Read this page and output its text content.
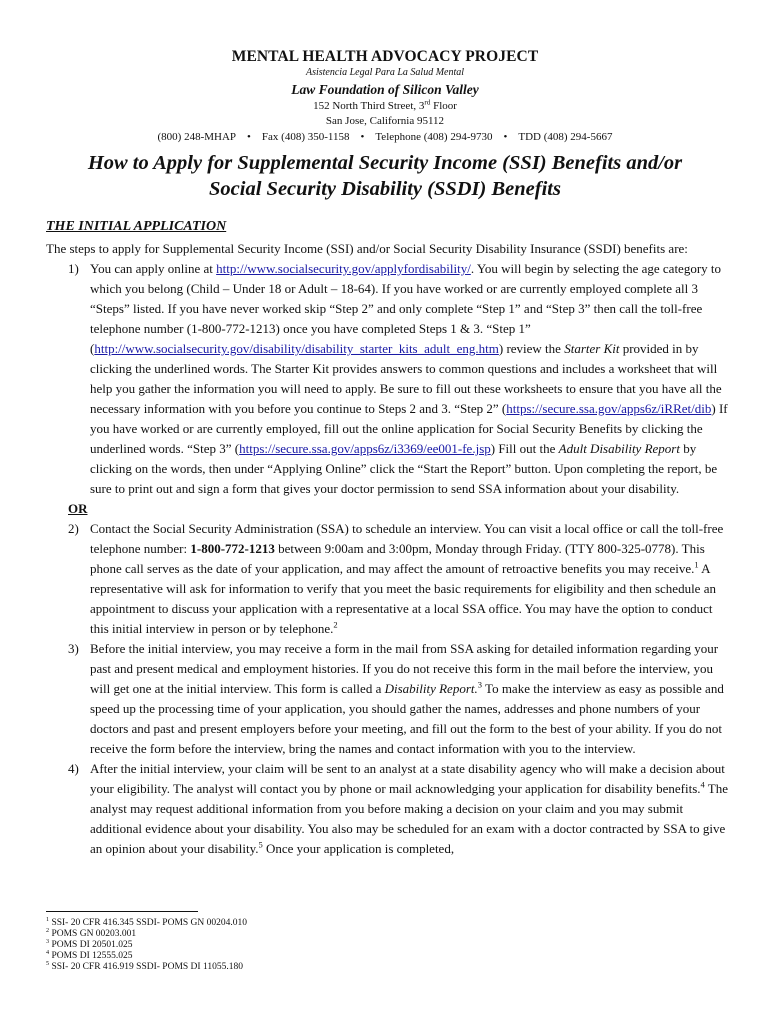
MENTAL HEALTH ADVOCACY PROJECT
Asistencia Legal Para La Salud Mental
Law Foundation of Silicon Valley
152 North Third Street, 3rd Floor
San Jose, California 95112
(800) 248-MHAP • Fax (408) 350-1158 • Telephone (408) 294-9730 • TDD (408) 294-5667
How to Apply for Supplemental Security Income (SSI) Benefits and/or
Social Security Disability (SSDI) Benefits
THE INITIAL APPLICATION
The steps to apply for Supplemental Security Income (SSI) and/or Social Security Disability Insurance (SSDI) benefits are:
1) You can apply online at http://www.socialsecurity.gov/applyfordisability/. You will begin by selecting the age category to which you belong (Child – Under 18 or Adult – 18-64). If you have worked or are currently employed complete all 3 “Steps” listed. If you have never worked skip “Step 2” and only complete “Step 1” and “Step 3” then call the toll-free telephone number (1-800-772-1213) once you have completed Steps 1 & 3. “Step 1” (http://www.socialsecurity.gov/disability/disability_starter_kits_adult_eng.htm) review the Starter Kit provided in by clicking the underlined words. The Starter Kit provides answers to common questions and includes a worksheet that will help you gather the information you will need to apply. Be sure to fill out these worksheets to ensure that you have all the necessary information with you before you continue to Steps 2 and 3. “Step 2” (https://secure.ssa.gov/apps6z/iRRet/dib) If you have worked or are currently employed, fill out the online application for Social Security Benefits by clicking the underlined words. “Step 3” (https://secure.ssa.gov/apps6z/i3369/ee001-fe.jsp) Fill out the Adult Disability Report by clicking on the words, then under “Applying Online” click the “Start the Report” button. Upon completing the report, be sure to print out and sign a form that gives your doctor permission to send SSA information about your disability.
OR
2) Contact the Social Security Administration (SSA) to schedule an interview. You can visit a local office or call the toll-free telephone number: 1-800-772-1213 between 9:00am and 3:00pm, Monday through Friday. (TTY 800-325-0778). This phone call serves as the date of your application, and may affect the amount of retroactive benefits you may receive.$^1$ A representative will ask for information to verify that you meet the basic requirements for eligibility and then schedule an appointment to discuss your application with a representative at a local SSA office. You may have the option to conduct this initial interview in person or by telephone.$^2$
3) Before the initial interview, you may receive a form in the mail from SSA asking for detailed information regarding your past and present medical and employment histories. If you do not receive this form in the mail before the interview, you will get one at the initial interview. This form is called a Disability Report.$^3$ To make the interview as easy as possible and speed up the processing time of your application, you should gather the names, addresses and phone numbers of your doctors and past and present employers before your meeting, and fill out the form to the best of your ability. If you do not receive the form before the interview, bring the names and contact information with you to the interview.
4) After the initial interview, your claim will be sent to an analyst at a state disability agency who will make a decision about your eligibility. The analyst will contact you by phone or mail acknowledging your application for disability benefits.$^4$ The analyst may request additional information from you before making a decision on your claim and you may submit additional evidence about your disability. You also may be scheduled for an exam with a doctor contracted by SSA to give an opinion about your disability.$^5$ Once your application is completed,
$^1$ SSI- 20 CFR 416.345 SSDI- POMS GN 00204.010
$^2$ POMS GN 00203.001
$^3$ POMS DI 20501.025
$^4$ POMS DI 12555.025
$^5$ SSI- 20 CFR 416.919 SSDI- POMS DI 11055.180
